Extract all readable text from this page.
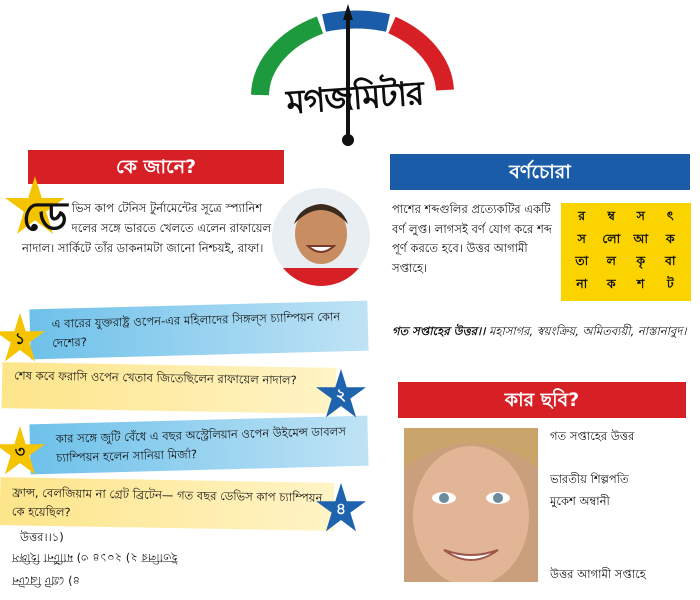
মগজমিটার
কে জানে?
ডে ভিস কাপ টেনিস টুর্নামেন্টের সূত্রে স্প্যানিশ দলের সঙ্গে ভারতে খেলতে এলেন রাফায়েল নাদাল। সার্কিটে তাঁর ডাকনামটা জানো নিশ্চয়ই, রাফা।
এ বারের যুক্তরাষ্ট্র ওপেন-এর মহিলাদের সিঙ্গল্স চ্যাম্পিয়ন কোন দেশের?
শেষ কবে ফরাসি ওপেন খেতাব জিতেছিলেন রাফায়েল নাদাল?
কার সঙ্গে জুটি বেঁধে এ বছর অস্ট্রেলিয়ান ওপেন উইমেন্স ডাবলস চ্যাম্পিয়ন হলেন সানিয়া মির্জা?
ফ্রান্স, বেলজিয়াম না গ্রেট ব্রিটেন— গত বছর ডেভিস কাপ চ্যাম্পিয়ন কে হয়েছিল?
১
২
৩
৪
উত্তর।।১)
ইতালির ২) ২০১৪ ৩) মার্টিনা হিঙ্গিস
৪) গ্রেট ব্রিটেন
বর্ণচোরা
পাশের শব্দগুলির প্রত্যেকটির একটি বর্ণ লুপ্ত। লাগসই বর্ণ যোগ করে শব্দ পূর্ণ করতে হবে। উত্তর আগামী সপ্তাহে।
র	ম্ব	স	ৎ
স	লো	আ	ক
তা	ল	কৃ	বা
না	ক	শ	ট
গত সপ্তাহের উত্তর।। মহাসাগর, স্বয়ংক্রিয়, অমিতব্যয়ী, নাস্তানাবুদ।
কার ছবি?
গত সপ্তাহের উত্তর
ভারতীয় শিল্পপতি
মুকেশ অম্বানী
উত্তর আগামী সপ্তাহে
